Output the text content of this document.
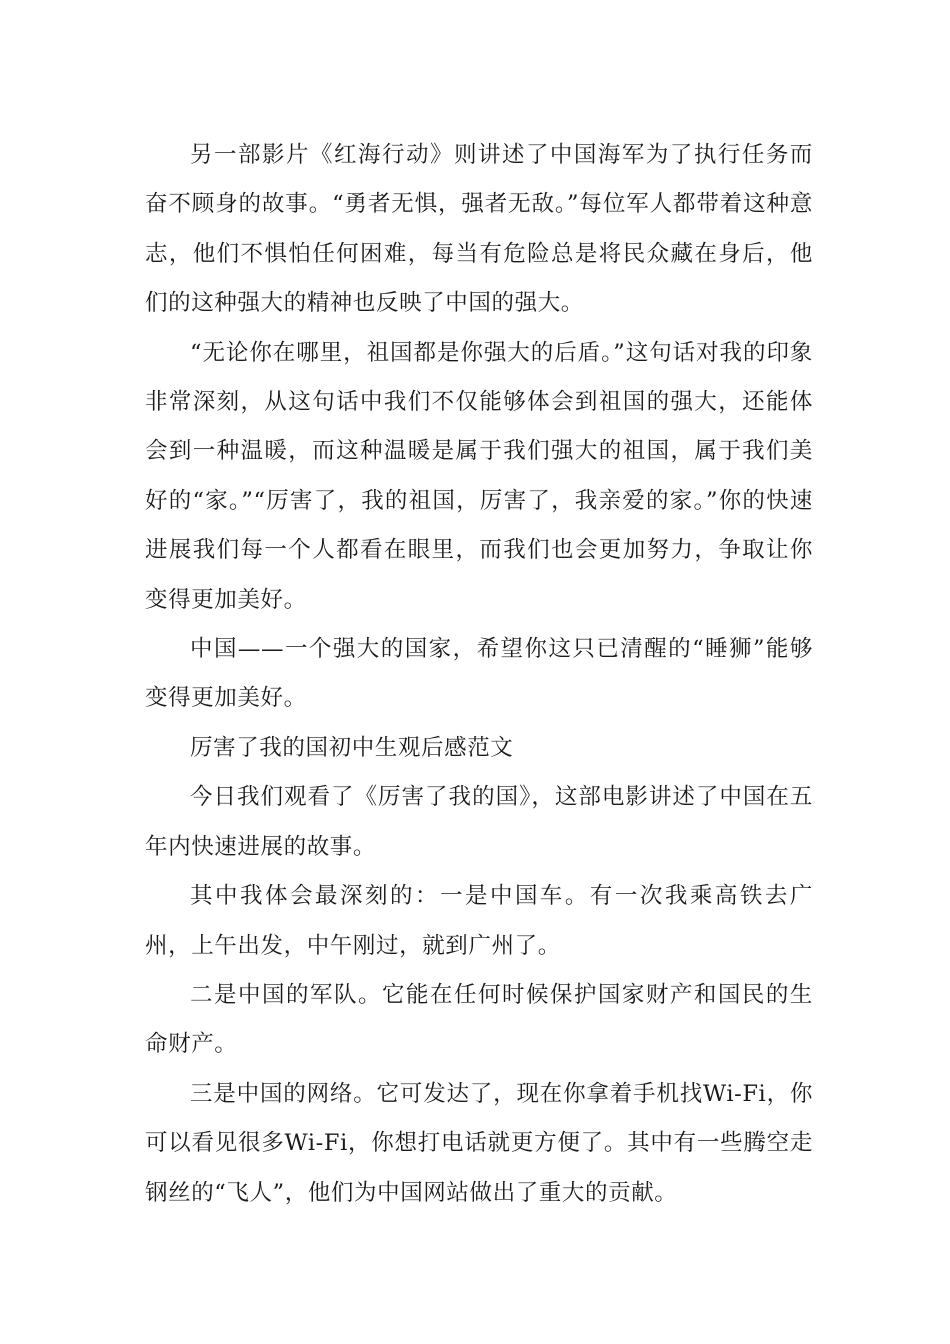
另一部影片《红海行动》则讲述了中国海军为了执行任务而奋不顾身的故事。“勇者无惧，强者无敌。”每位军人都带着这种意志，他们不惧怕任何困难，每当有危险总是将民众藏在身后，他们的这种强大的精神也反映了中国的强大。

“无论你在哪里，祖国都是你强大的后盾。”这句话对我的印象非常深刻，从这句话中我们不仅能够体会到祖国的强大，还能体会到一种温暖，而这种温暖是属于我们强大的祖国，属于我们美好的“家。”“厉害了，我的祖国，厉害了，我亲爱的家。”你的快速进展我们每一个人都看在眼里，而我们也会更加努力，争取让你变得更加美好。

中国——一个强大的国家，希望你这只已清醒的“睡狮”能够变得更加美好。

厉害了我的国初中生观后感范文

今日我们观看了《厉害了我的国》，这部电影讲述了中国在五年内快速进展的故事。

其中我体会最深刻的：一是中国车。有一次我乘高铁去广州，上午出发，中午刚过，就到广州了。

二是中国的军队。它能在任何时候保护国家财产和国民的生命财产。

三是中国的网络。它可发达了，现在你拿着手机找Wi-Fi，你可以看见很多Wi-Fi，你想打电话就更方便了。其中有一些腾空走钢丝的“飞人”，他们为中国网站做出了重大的贡献。
